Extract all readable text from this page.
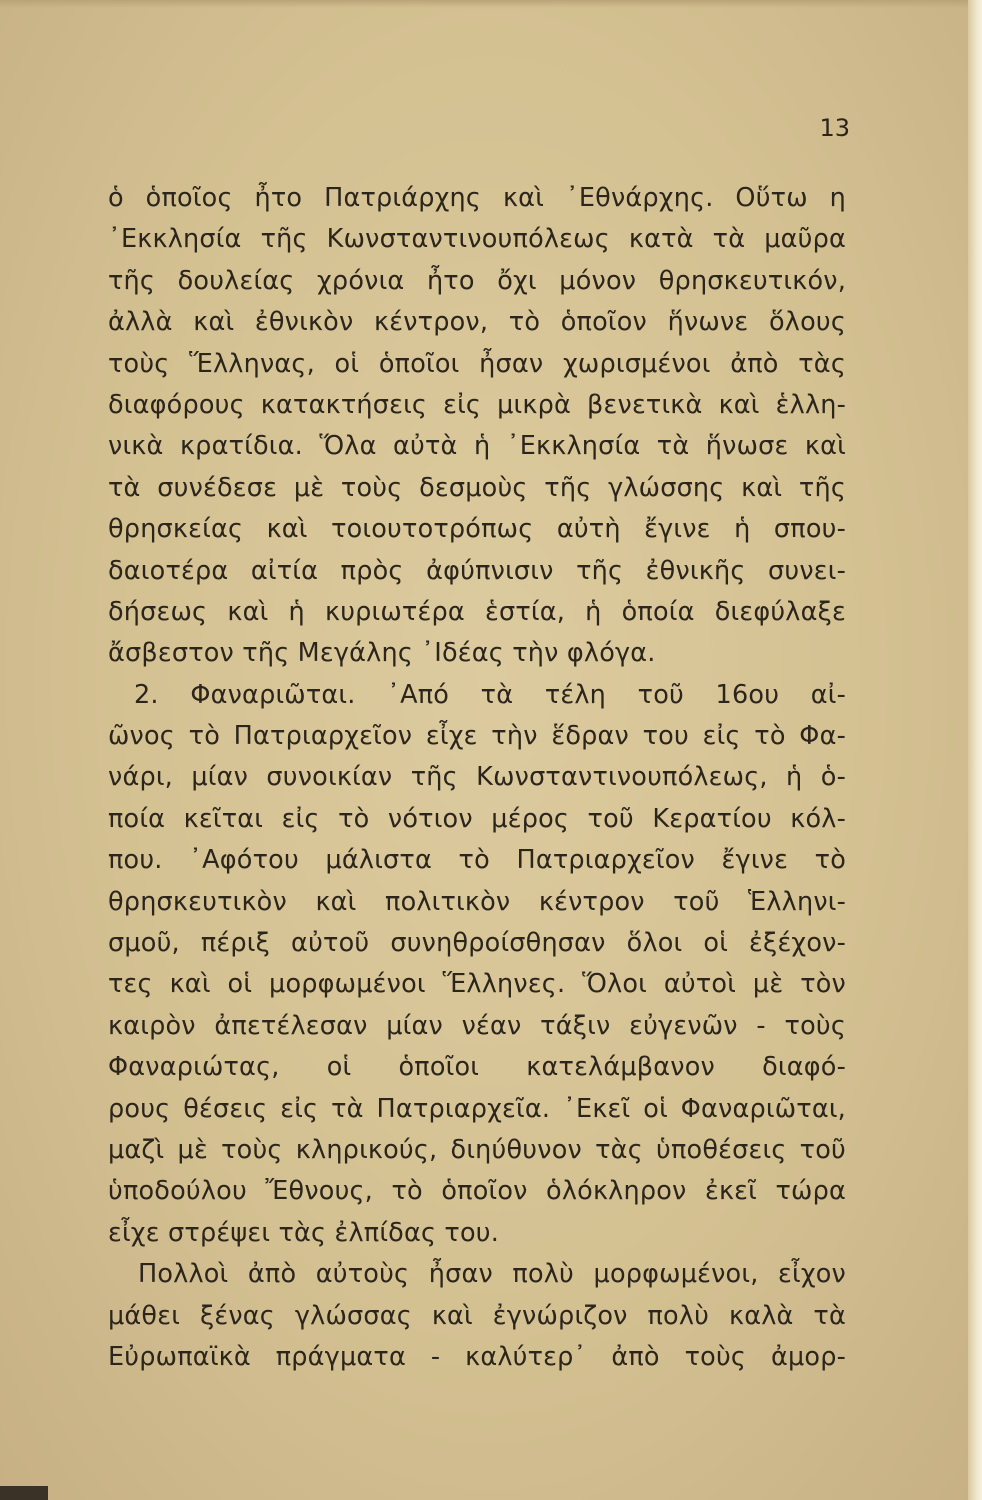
13
ὁ ὁποῖος ἦτο Πατριάρχης καὶ ᾿Εθνάρχης. Οὕτω η
᾿Εκκλησία τῆς Κωνσταντινουπόλεως κατὰ τὰ μαῦρα
τῆς δουλείας χρόνια ἦτο ὄχι μόνον θρησκευτικόν,
ἀλλὰ καὶ ἐθνικὸν κέντρον, τὸ ὁποῖον ἥνωνε ὅλους
τοὺς Ἕλληνας, οἱ ὁποῖοι ἦσαν χωρισμένοι ἀπὸ τὰς
διαφόρους κατακτήσεις εἰς μικρὰ βενετικὰ καὶ ἑλλη-
νικὰ κρατίδια. Ὅλα αὐτὰ ἡ ᾿Εκκλησία τὰ ἥνωσε καὶ
τὰ συνέδεσε μὲ τοὺς δεσμοὺς τῆς γλώσσης καὶ τῆς
θρησκείας καὶ τοιουτοτρόπως αὐτὴ ἔγινε ἡ σπου-
δαιοτέρα αἰτία πρὸς ἀφύπνισιν τῆς ἐθνικῆς συνει-
δήσεως καὶ ἡ κυριωτέρα ἑστία, ἡ ὁποία διεφύλαξε
ἄσβεστον τῆς Μεγάλης ᾿Ιδέας τὴν φλόγα.
2. Φαναριῶται. ᾿Από τὰ τέλη τοῦ 16ου αἰ-
ῶνος τὸ Πατριαρχεῖον εἶχε τὴν ἕδραν του εἰς τὸ Φα-
νάρι, μίαν συνοικίαν τῆς Κωνσταντινουπόλεως, ἡ ὁ-
ποία κεῖται εἰς τὸ νότιον μέρος τοῦ Κερατίου κόλ-
που. ᾿Αφότου μάλιστα τὸ Πατριαρχεῖον ἔγινε τὸ
θρησκευτικὸν καὶ πολιτικὸν κέντρον τοῦ Ἑλληνι-
σμοῦ, πέριξ αὐτοῦ συνηθροίσθησαν ὅλοι οἱ ἐξέχον-
τες καὶ οἱ μορφωμένοι Ἕλληνες. Ὅλοι αὐτοὶ μὲ τὸν
καιρὸν ἀπετέλεσαν μίαν νέαν τάξιν εὐγενῶν - τοὺς
Φαναριώτας, οἱ ὁποῖοι κατελάμβανον διαφό-
ρους θέσεις εἰς τὰ Πατριαρχεῖα. ᾿Εκεῖ οἱ Φαναριῶται,
μαζὶ μὲ τοὺς κληρικούς, διηύθυνον τὰς ὑποθέσεις τοῦ
ὑποδούλου Ἔθνους, τὸ ὁποῖον ὁλόκληρον ἐκεῖ τώρα
εἶχε στρέψει τὰς ἐλπίδας του.
Πολλοὶ ἀπὸ αὐτοὺς ἦσαν πολὺ μορφωμένοι, εἶχον
μάθει ξένας γλώσσας καὶ ἐγνώριζον πολὺ καλὰ τὰ
Εὐρωπαϊκὰ πράγματα - καλύτερ᾿ ἀπὸ τοὺς ἀμορ-
